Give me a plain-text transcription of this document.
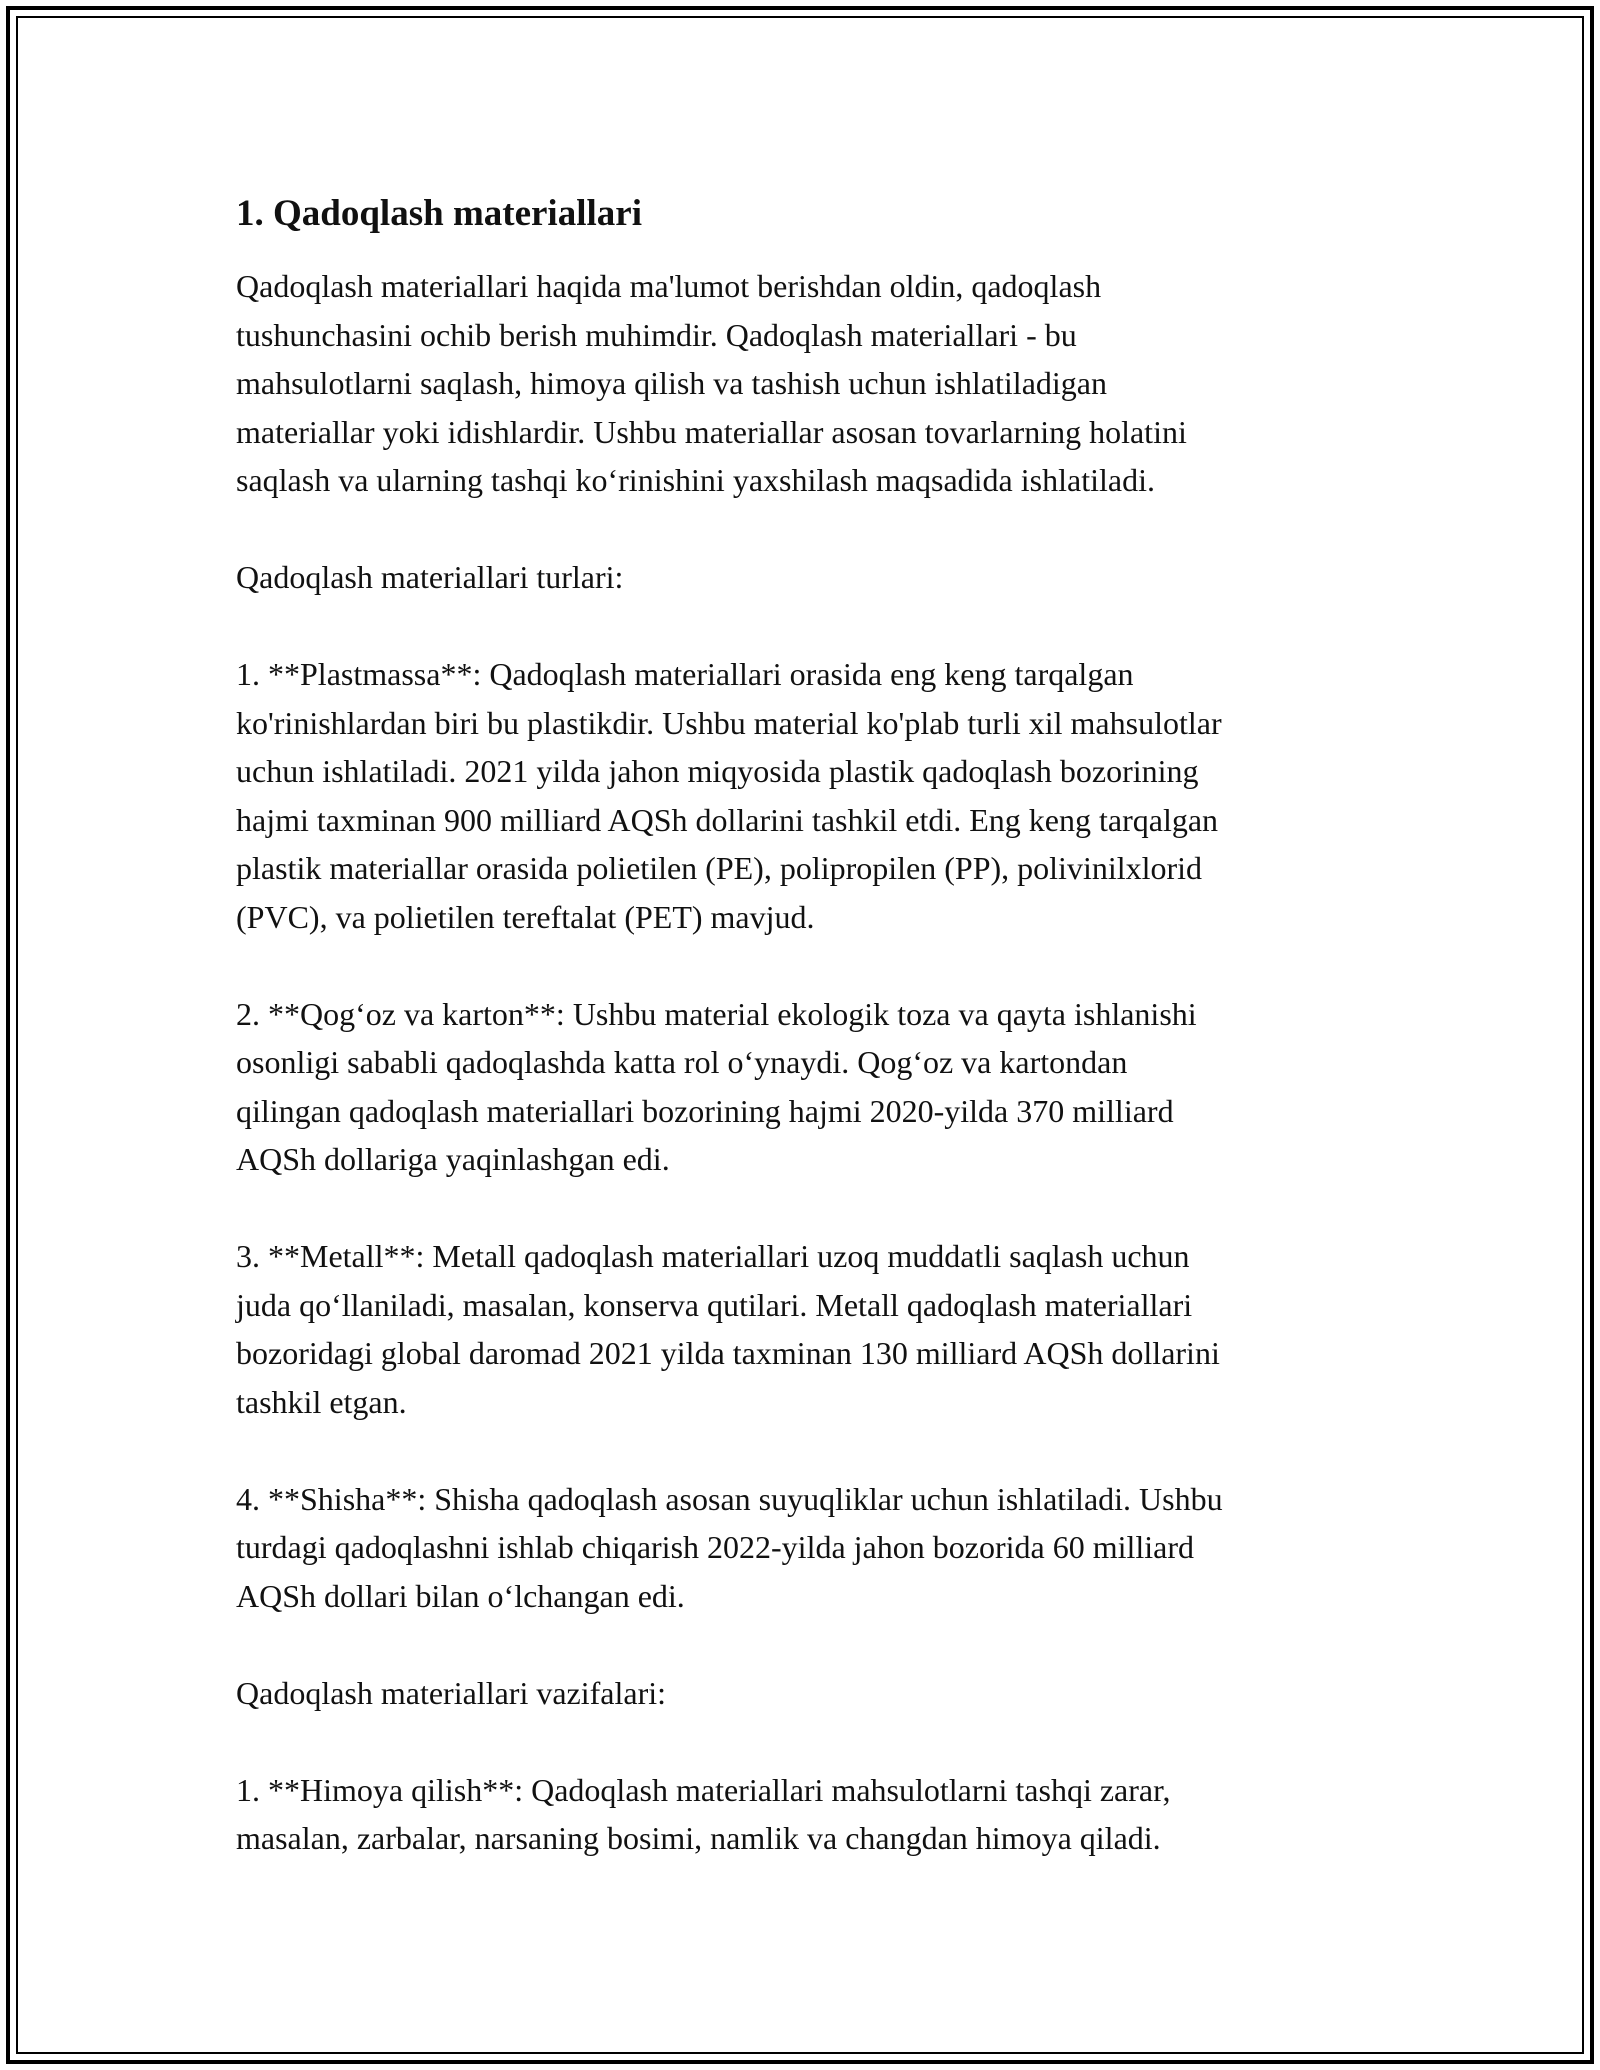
1. Qadoqlash materiallari

Qadoqlash materiallari haqida ma'lumot berishdan oldin, qadoqlash
tushunchasini ochib berish muhimdir. Qadoqlash materiallari - bu
mahsulotlarni saqlash, himoya qilish va tashish uchun ishlatiladigan
materiallar yoki idishlardir. Ushbu materiallar asosan tovarlarning holatini
saqlash va ularning tashqi ko‘rinishini yaxshilash maqsadida ishlatiladi.

Qadoqlash materiallari turlari:

1. **Plastmassa**: Qadoqlash materiallari orasida eng keng tarqalgan
ko'rinishlardan biri bu plastikdir. Ushbu material ko'plab turli xil mahsulotlar
uchun ishlatiladi. 2021 yilda jahon miqyosida plastik qadoqlash bozorining
hajmi taxminan 900 milliard AQSh dollarini tashkil etdi. Eng keng tarqalgan
plastik materiallar orasida polietilen (PE), polipropilen (PP), polivinilxlorid
(PVC), va polietilen tereftalat (PET) mavjud.

2. **Qog‘oz va karton**: Ushbu material ekologik toza va qayta ishlanishi
osonligi sababli qadoqlashda katta rol o‘ynaydi. Qog‘oz va kartondan
qilingan qadoqlash materiallari bozorining hajmi 2020-yilda 370 milliard
AQSh dollariga yaqinlashgan edi.

3. **Metall**: Metall qadoqlash materiallari uzoq muddatli saqlash uchun
juda qo‘llaniladi, masalan, konserva qutilari. Metall qadoqlash materiallari
bozoridagi global daromad 2021 yilda taxminan 130 milliard AQSh dollarini
tashkil etgan.

4. **Shisha**: Shisha qadoqlash asosan suyuqliklar uchun ishlatiladi. Ushbu
turdagi qadoqlashni ishlab chiqarish 2022-yilda jahon bozorida 60 milliard
AQSh dollari bilan o‘lchangan edi.

Qadoqlash materiallari vazifalari:

1. **Himoya qilish**: Qadoqlash materiallari mahsulotlarni tashqi zarar,
masalan, zarbalar, narsaning bosimi, namlik va changdan himoya qiladi.
